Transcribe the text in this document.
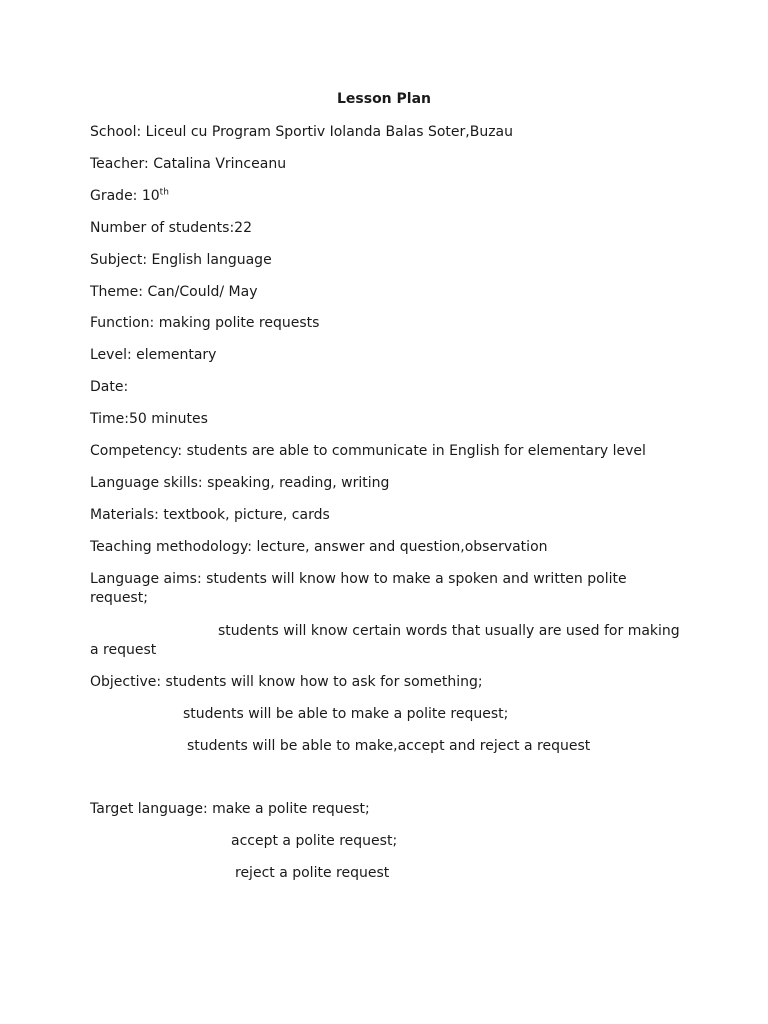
Lesson Plan
School: Liceul cu Program Sportiv Iolanda Balas Soter,Buzau
Teacher: Catalina Vrinceanu
Grade: 10th
Number of students:22
Subject: English language
Theme: Can/Could/ May
Function: making polite requests
Level: elementary
Date:
Time:50 minutes
Competency: students are able to communicate in English for elementary level
Language skills: speaking, reading, writing
Materials: textbook, picture, cards
Teaching methodology: lecture, answer and question,observation
Language aims: students will know how to make a spoken and written polite request;
students will know certain words that usually are used for making
a request
Objective: students will know how to ask for something;
students will be able to make a polite request;
students will be able to make,accept and reject a request
Target language: make a polite request;
accept a polite request;
reject a polite request
